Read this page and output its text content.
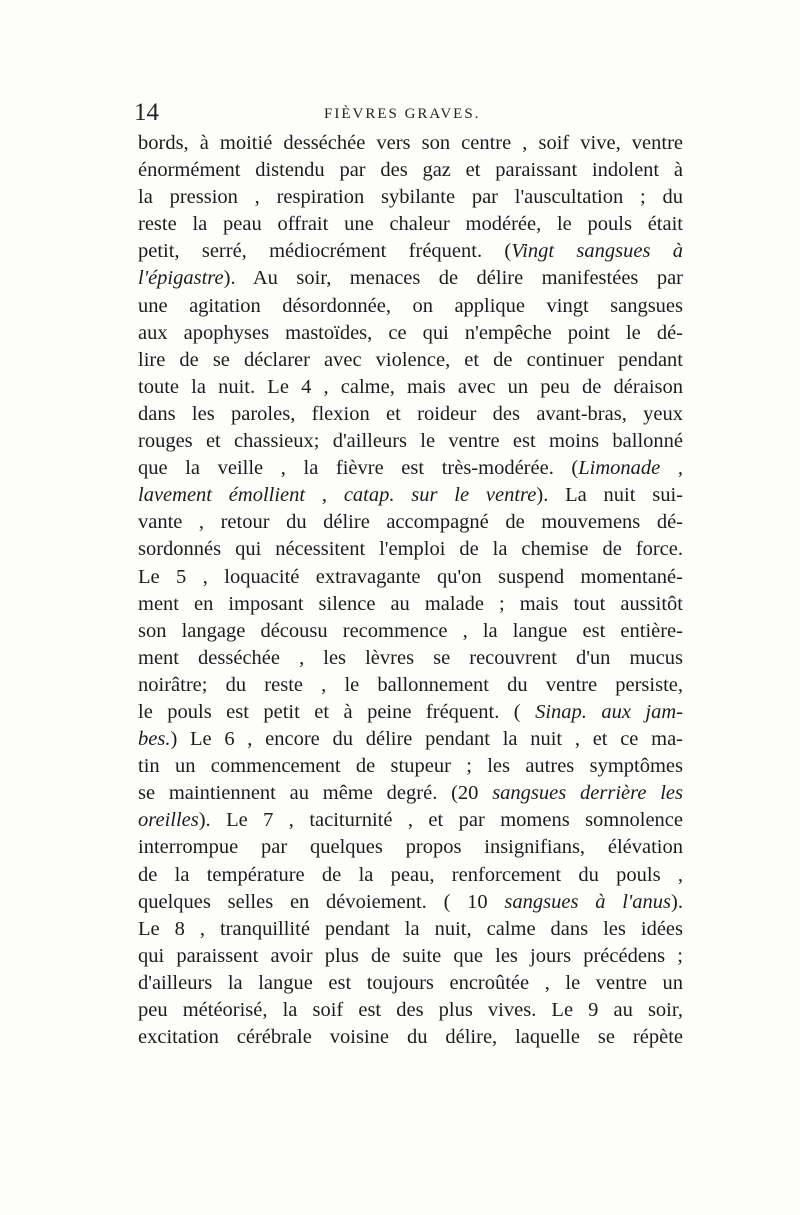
14	FIÈVRES GRAVES.
bords, à moitié desséchée vers son centre , soif vive, ventre
énormément distendu par des gaz et paraissant indolent à
la pression , respiration sybilante par l'auscultation ; du
reste la peau offrait une chaleur modérée, le pouls était
petit, serré, médiocrément fréquent. (Vingt sangsues à
l'épigastre). Au soir, menaces de délire manifestées par
une agitation désordonnée, on applique vingt sangsues
aux apophyses mastoïdes, ce qui n'empêche point le dé-
lire de se déclarer avec violence, et de continuer pendant
toute la nuit. Le 4 , calme, mais avec un peu de déraison
dans les paroles, flexion et roideur des avant-bras, yeux
rouges et chassieux; d'ailleurs le ventre est moins ballonné
que la veille , la fièvre est très-modérée. (Limonade ,
lavement émollient , catap. sur le ventre). La nuit sui-
vante , retour du délire accompagné de mouvemens dé-
sordonnés qui nécessitent l'emploi de la chemise de force.
Le 5 , loquacité extravagante qu'on suspend momentané-
ment en imposant silence au malade ; mais tout aussitôt
son langage décousu recommence , la langue est entière-
ment desséchée , les lèvres se recouvrent d'un mucus
noirâtre; du reste , le ballonnement du ventre persiste,
le pouls est petit et à peine fréquent. ( Sinap. aux jam-
bes.) Le 6 , encore du délire pendant la nuit , et ce ma-
tin un commencement de stupeur ; les autres symptômes
se maintiennent au même degré. (20 sangsues derrière les
oreilles). Le 7 , taciturnité , et par momens somnolence
interrompue par quelques propos insignifians, élévation
de la température de la peau, renforcement du pouls ,
quelques selles en dévoiement. ( 10 sangsues à l'anus).
Le 8 , tranquillité pendant la nuit, calme dans les idées
qui paraissent avoir plus de suite que les jours précédens ;
d'ailleurs la langue est toujours encroûtée , le ventre un
peu météorisé, la soif est des plus vives. Le 9 au soir,
excitation cérébrale voisine du délire, laquelle se répète
